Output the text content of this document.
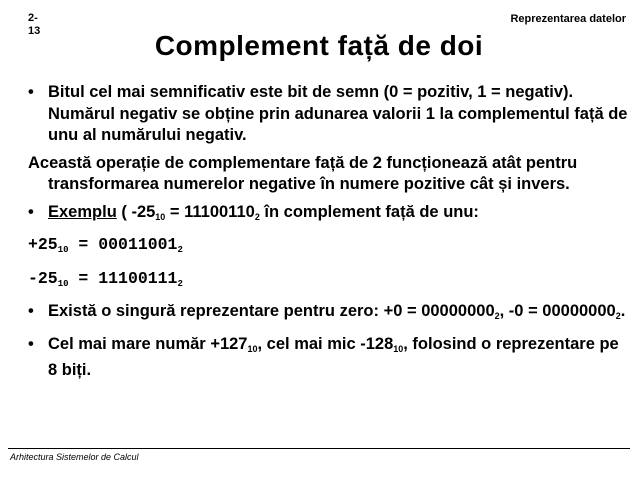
2-13
Reprezentarea datelor
Complement față de doi
• Bitul cel mai semnificativ este bit de semn (0 = pozitiv, 1 = negativ). Numărul negativ se obține prin adunarea valorii 1 la complementul față de unu al numărului negativ.
Această operație de complementare față de 2 funcționează atât pentru transformarea numerelor negative în numere pozitive cât și invers.
• Exemplu ( $-25_{10} = 11100110_2$ în complement față de unu:
$+25_{10} = 00011001_2$
$-25_{10} = 11100111_2$
• Există o singură reprezentare pentru zero: $+0 = 00000000_2$, $-0 = 00000000_2$.
• Cel mai mare număr $+127_{10}$, cel mai mic $-128_{10}$, folosind o reprezentare pe 8 biți.
Arhitectura Sistemelor de Calcul
